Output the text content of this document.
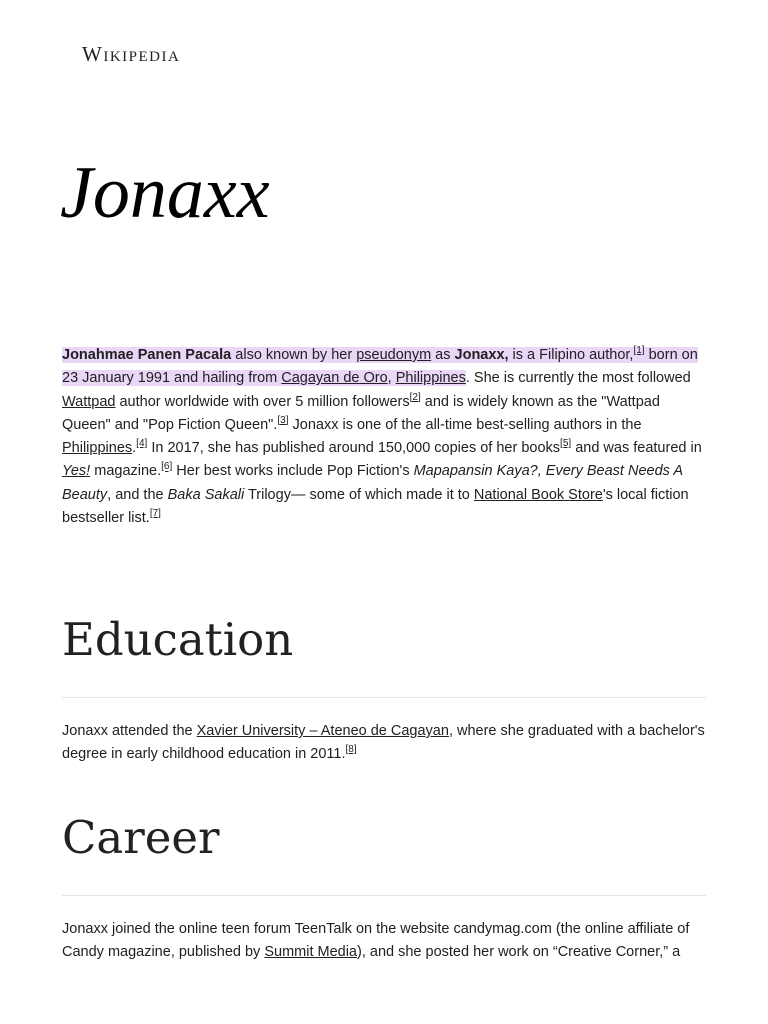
Wikipedia
Jonaxx

Jonahmae Panen Pacala also known by her pseudonym as Jonaxx, is a Filipino author,[1] born on 23 January 1991 and hailing from Cagayan de Oro, Philippines. She is currently the most followed Wattpad author worldwide with over 5 million followers[2] and is widely known as the "Wattpad Queen" and "Pop Fiction Queen".[3] Jonaxx is one of the all-time best-selling authors in the Philippines.[4] In 2017, she has published around 150,000 copies of her books[5] and was featured in Yes! magazine.[6] Her best works include Pop Fiction's Mapapansin Kaya?, Every Beast Needs A Beauty, and the Baka Sakali Trilogy— some of which made it to National Book Store's local fiction bestseller list.[7]

Education

Jonaxx attended the Xavier University – Ateneo de Cagayan, where she graduated with a bachelor's degree in early childhood education in 2011.[8]

Career

Jonaxx joined the online teen forum TeenTalk on the website candymag.com (the online affiliate of Candy magazine, published by Summit Media), and she posted her work on “Creative Corner,” a
